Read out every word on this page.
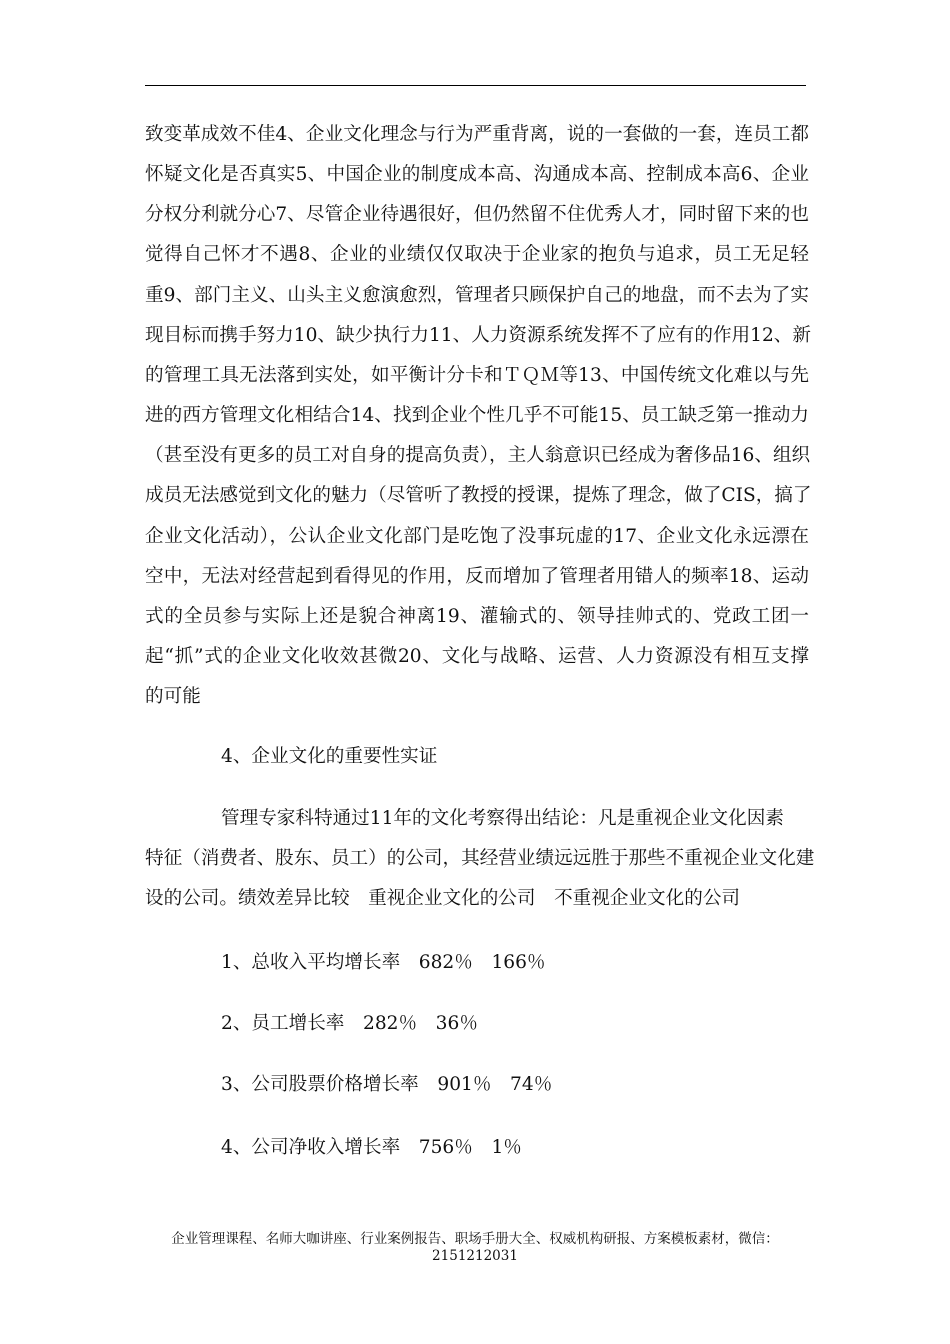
致变革成效不佳4、企业文化理念与行为严重背离，说的一套做的一套，连员工都
怀疑文化是否真实5、中国企业的制度成本高、沟通成本高、控制成本高6、企业
分权分利就分心7、尽管企业待遇很好，但仍然留不住优秀人才，同时留下来的也
觉得自己怀才不遇8、企业的业绩仅仅取决于企业家的抱负与追求，员工无足轻
重9、部门主义、山头主义愈演愈烈，管理者只顾保护自己的地盘，而不去为了实
现目标而携手努力10、缺少执行力11、人力资源系统发挥不了应有的作用12、新
的管理工具无法落到实处，如平衡计分卡和ＴＱＭ等13、中国传统文化难以与先
进的西方管理文化相结合14、找到企业个性几乎不可能15、员工缺乏第一推动力
（甚至没有更多的员工对自身的提高负责），主人翁意识已经成为奢侈品16、组织
成员无法感觉到文化的魅力（尽管听了教授的授课，提炼了理念，做了CIS，搞了
企业文化活动），公认企业文化部门是吃饱了没事玩虚的17、企业文化永远漂在
空中，无法对经营起到看得见的作用，反而增加了管理者用错人的频率18、运动
式的全员参与实际上还是貌合神离19、灌输式的、领导挂帅式的、党政工团一
起“抓”式的企业文化收效甚微20、文化与战略、运营、人力资源没有相互支撑
的可能
4、企业文化的重要性实证
管理专家科特通过11年的文化考察得出结论：凡是重视企业文化因素
特征（消费者、股东、员工）的公司，其经营业绩远远胜于那些不重视企业文化建
设的公司。绩效差异比较　重视企业文化的公司　不重视企业文化的公司
1、总收入平均增长率　682％　166％
2、员工增长率　282％　36％
3、公司股票价格增长率　901％　74％
4、公司净收入增长率　756％　1％
企业管理课程、名师大咖讲座、行业案例报告、职场手册大全、权威机构研报、方案模板素材，微信：
2151212031
